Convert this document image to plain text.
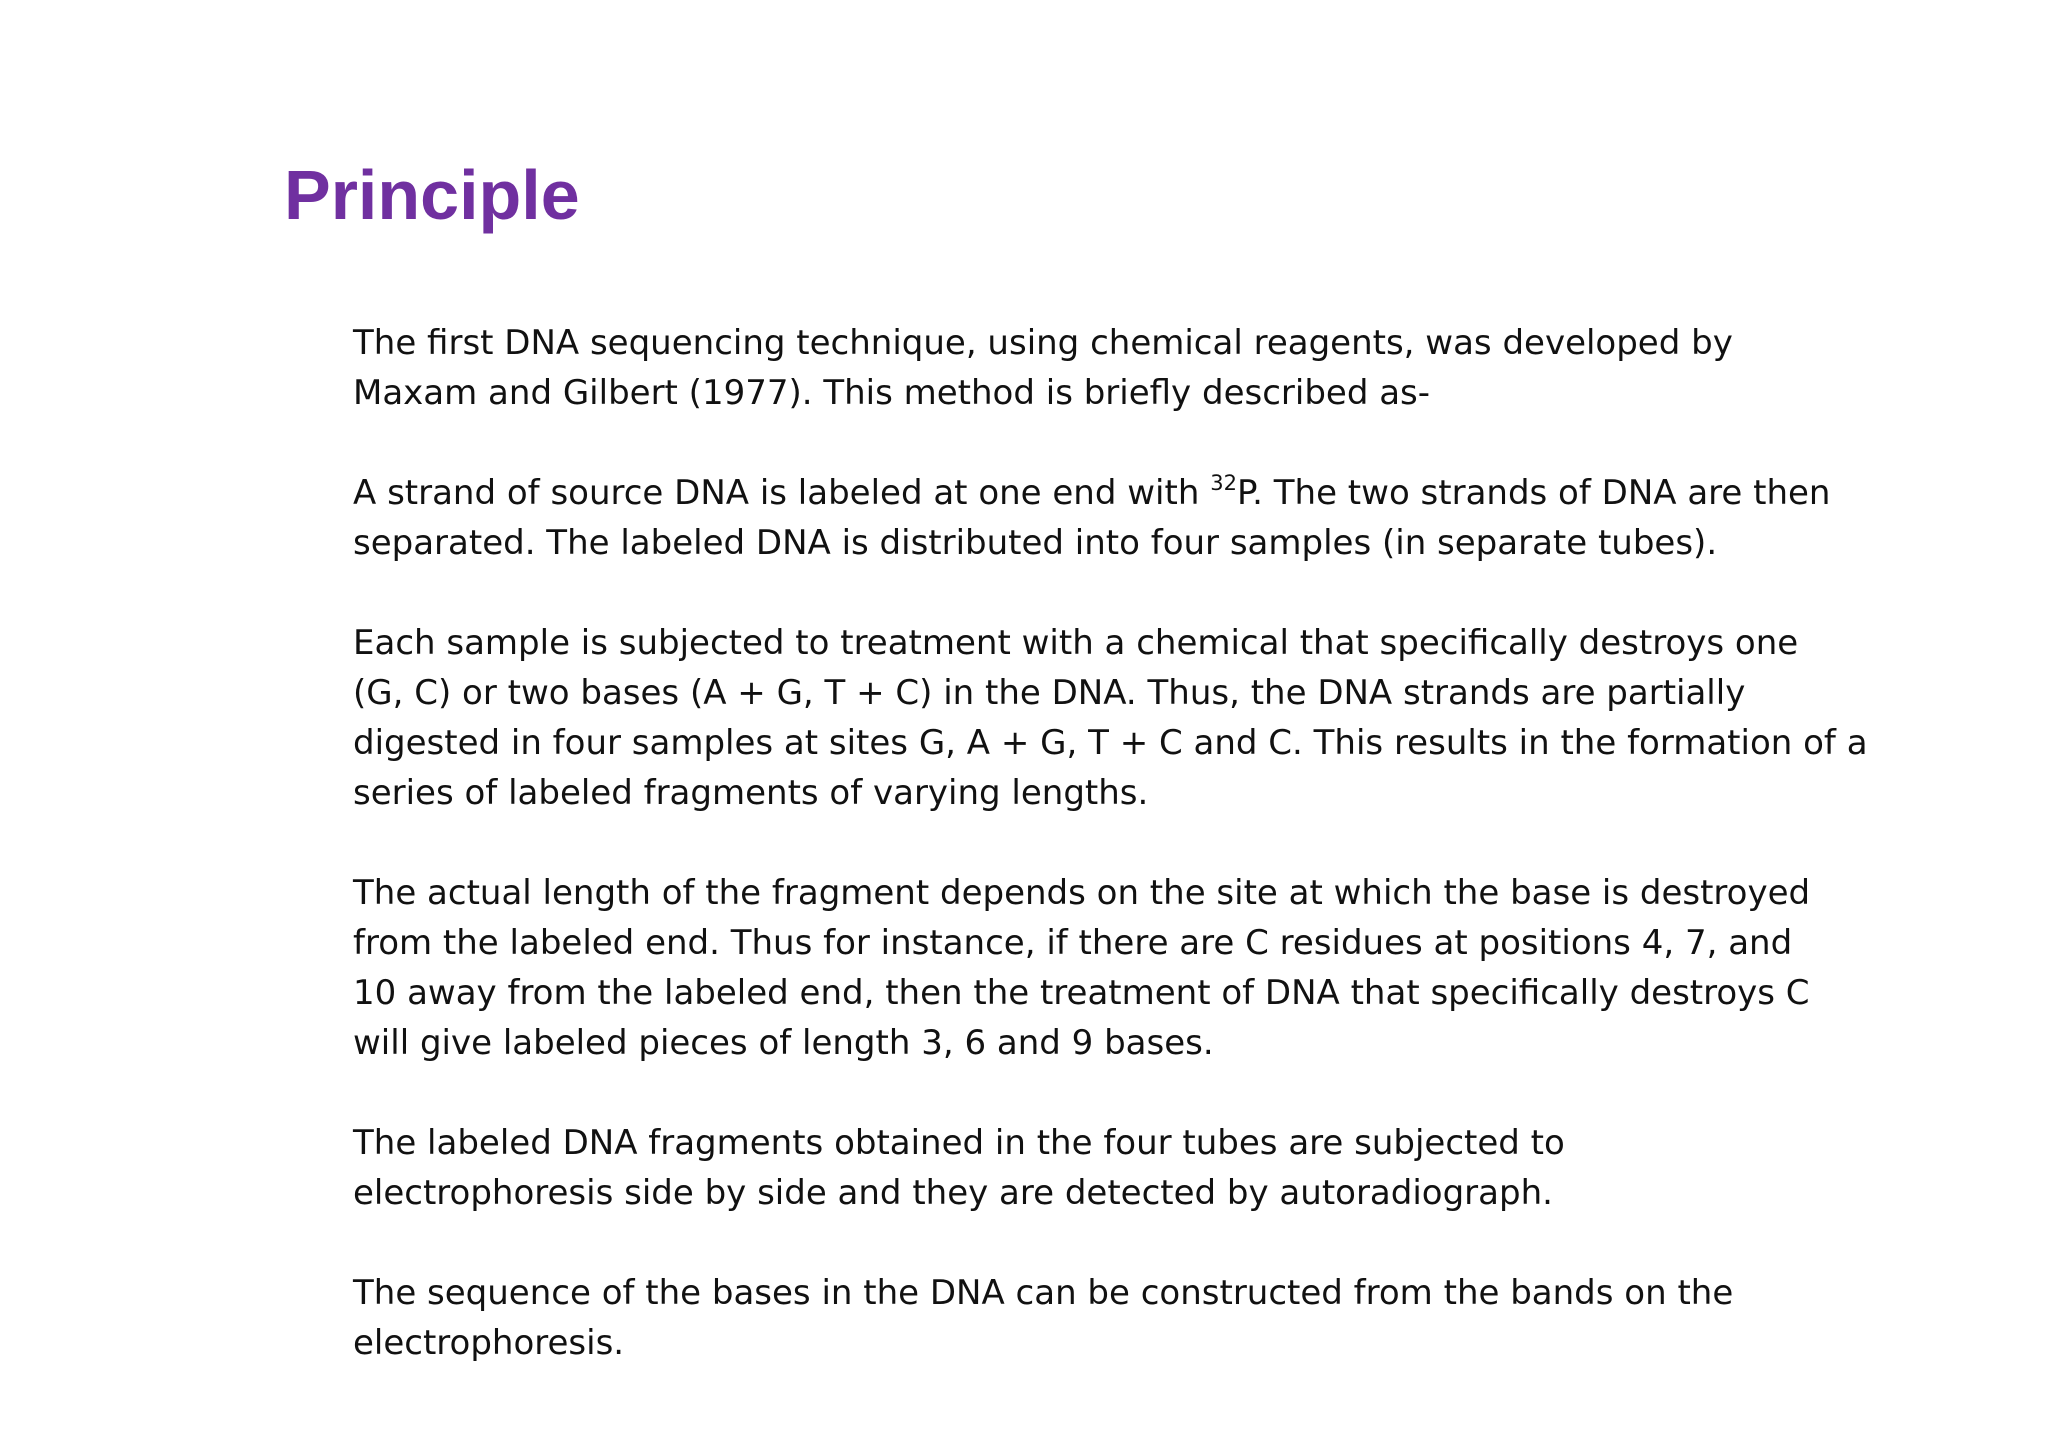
Principle

The first DNA sequencing technique, using chemical reagents, was developed by
Maxam and Gilbert (1977). This method is briefly described as-

A strand of source DNA is labeled at one end with $^{32}$P. The two strands of DNA are then
separated. The labeled DNA is distributed into four samples (in separate tubes).

Each sample is subjected to treatment with a chemical that specifically destroys one
(G, C) or two bases (A + G, T + C) in the DNA. Thus, the DNA strands are partially
digested in four samples at sites G, A + G, T + C and C. This results in the formation of a
series of labeled fragments of varying lengths.

The actual length of the fragment depends on the site at which the base is destroyed
from the labeled end. Thus for instance, if there are C residues at positions 4, 7, and
10 away from the labeled end, then the treatment of DNA that specifically destroys C
will give labeled pieces of length 3, 6 and 9 bases.

The labeled DNA fragments obtained in the four tubes are subjected to
electrophoresis side by side and they are detected by autoradiograph.

The sequence of the bases in the DNA can be constructed from the bands on the
electrophoresis.
